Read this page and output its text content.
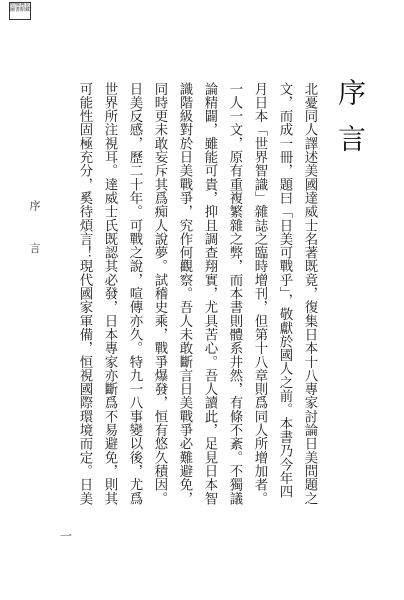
哈佛燕京圖書館藏
序言
北憂同人譯述美國達威士名著既竟，復集日本十八專家討論日美問題之
文，而成一冊，題曰「日美可戰乎」，敬獻於國人之前。本書乃今年四
月日本「世界智識」雜誌之臨時增刊，但第十八章則爲同人所增加者。
一人一文，原有重複繁雜之弊，而本書則體系井然，有條不紊。不獨議
論精闢，雖能可貴，抑且調查翔實，尤具苦心。吾人讀此，足見日本智
識階級對於日美戰爭，究作何觀察。吾人未敢斷言日美戰爭必難避免，
同時更未敢妄斥其爲痴人說夢。試稽史乘，戰爭爆發，恒有悠久積因。
日美反感，歷二十年。可戰之說，喧傳亦久。特九一八事變以後，尤爲
世界所注視耳。達威士氏既認其必發，日本專家亦斷爲不易避免，則其
可能性固極充分，奚待煩言！現代國家軍備，恒視國際環境而定。日美
序 言
一
